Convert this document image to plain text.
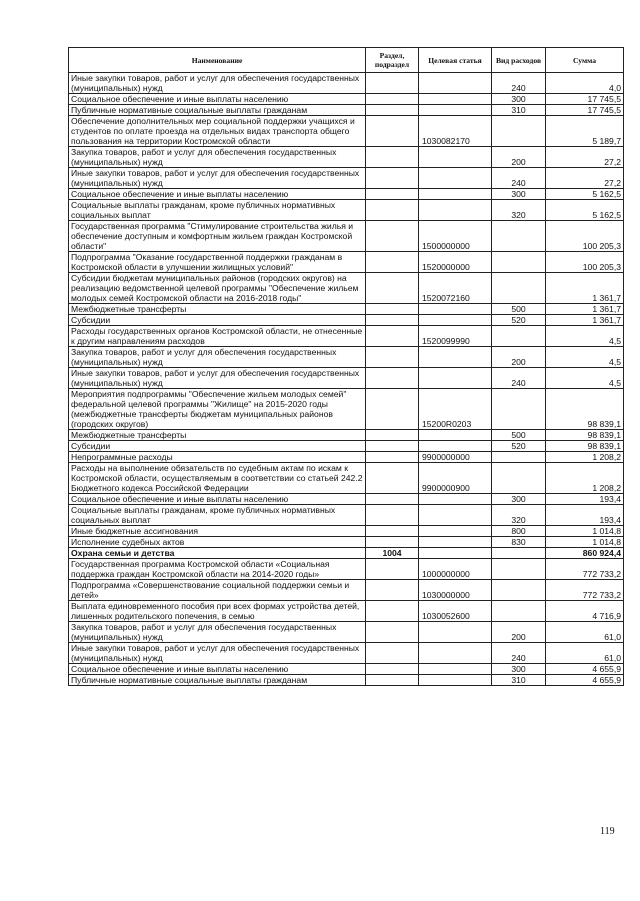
Наименование	Раздел, подраздел	Целевая статья	Вид расходов	Сумма
Иные закупки товаров, работ и услуг для обеспечения государственных (муниципальных) нужд			240	4,0
Социальное обеспечение и иные выплаты населению			300	17 745,5
Публичные нормативные социальные выплаты гражданам			310	17 745,5
Обеспечение дополнительных мер социальной поддержки учащихся и студентов по оплате проезда на отдельных видах транспорта общего пользования на территории Костромской области		1030082170		5 189,7
Закупка товаров, работ и услуг для обеспечения государственных (муниципальных) нужд			200	27,2
Иные закупки товаров, работ и услуг для обеспечения государственных (муниципальных) нужд			240	27,2
Социальное обеспечение и иные выплаты населению			300	5 162,5
Социальные выплаты гражданам, кроме публичных нормативных социальных выплат			320	5 162,5
Государственная программа "Стимулирование строительства жилья и обеспечение доступным и комфортным жильем граждан Костромской области"		1500000000		100 205,3
Подпрограмма "Оказание государственной поддержки гражданам в Костромской области в улучшении жилищных условий"		1520000000		100 205,3
Субсидии бюджетам муниципальных районов (городских округов) на реализацию ведомственной целевой программы "Обеспечение жильем молодых семей Костромской области на 2016-2018 годы"		1520072160		1 361,7
Межбюджетные трансферты			500	1 361,7
Субсидии			520	1 361,7
Расходы государственных органов Костромской области, не отнесенные к другим направлениям расходов		1520099990		4,5
Закупка товаров, работ и услуг для обеспечения государственных (муниципальных) нужд			200	4,5
Иные закупки товаров, работ и услуг для обеспечения государственных (муниципальных) нужд			240	4,5
Мероприятия подпрограммы "Обеспечение жильем молодых семей" федеральной целевой программы "Жилище" на 2015-2020 годы (межбюджетные трансферты бюджетам муниципальных районов (городских округов)		15200R0203		98 839,1
Межбюджетные трансферты			500	98 839,1
Субсидии			520	98 839,1
Непрограммные расходы		9900000000		1 208,2
Расходы на выполнение обязательств по судебным актам по искам к Костромской области, осуществляемым в соответствии со статьей 242.2 Бюджетного кодекса Российской Федерации		9900000900		1 208,2
Социальное обеспечение и иные выплаты населению			300	193,4
Социальные выплаты гражданам, кроме публичных нормативных социальных выплат			320	193,4
Иные бюджетные ассигнования			800	1 014,8
Исполнение судебных актов			830	1 014,8
Охрана семьи и детства	1004			860 924,4
Государственная программа Костромской области «Социальная поддержка граждан Костромской области на 2014-2020 годы»		1000000000		772 733,2
Подпрограмма «Совершенствование социальной поддержки семьи и детей»		1030000000		772 733,2
Выплата единовременного пособия при всех формах устройства детей, лишенных родительского попечения, в семью		1030052600		4 716,9
Закупка товаров, работ и услуг для обеспечения государственных (муниципальных) нужд			200	61,0
Иные закупки товаров, работ и услуг для обеспечения государственных (муниципальных) нужд			240	61,0
Социальное обеспечение и иные выплаты населению			300	4 655,9
Публичные нормативные социальные выплаты гражданам			310	4 655,9
119
